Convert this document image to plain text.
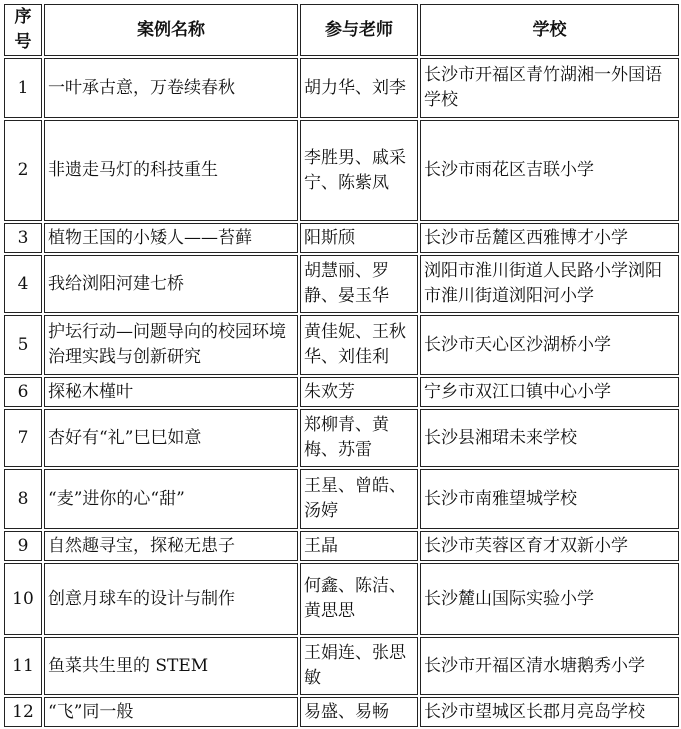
序号	案例名称	参与老师	学校
1	一叶承古意，万卷续春秋	胡力华、刘李	长沙市开福区青竹湖湘一外国语学校
2	非遗走马灯的科技重生	李胜男、戚采宁、陈紫凤	长沙市雨花区吉联小学
3	植物王国的小矮人——苔藓	阳斯颀	长沙市岳麓区西雅博才小学
4	我给浏阳河建七桥	胡慧丽、罗静、晏玉华	浏阳市淮川街道人民路小学浏阳市淮川街道浏阳河小学
5	护坛行动—问题导向的校园环境治理实践与创新研究	黄佳妮、王秋华、刘佳利	长沙市天心区沙湖桥小学
6	探秘木槿叶	朱欢芳	宁乡市双江口镇中心小学
7	杏好有“礼”巳巳如意	郑柳青、黄梅、苏雷	长沙县湘珺未来学校
8	“麦”进你的心“甜”	王星、曾皓、汤婷	长沙市南雅望城学校
9	自然趣寻宝，探秘无患子	王晶	长沙市芙蓉区育才双新小学
10	创意月球车的设计与制作	何鑫、陈洁、黄思思	长沙麓山国际实验小学
11	鱼菜共生里的 STEM	王娟连、张思敏	长沙市开福区清水塘鹅秀小学
12	“飞”同一般	易盛、易畅	长沙市望城区长郡月亮岛学校
